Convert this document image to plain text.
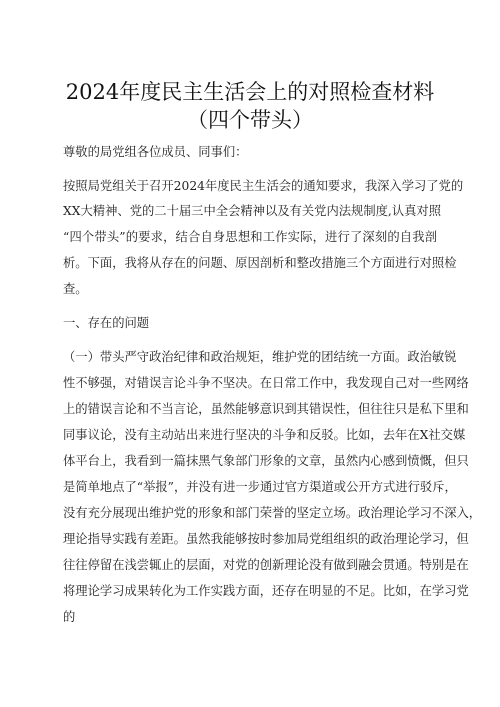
2024年度民主生活会上的对照检查材料
（四个带头）
尊敬的局党组各位成员、同事们：
按照局党组关于召开2024年度民主生活会的通知要求，我深入学习了党的
XX大精神、党的二十届三中全会精神以及有关党内法规制度,认真对照
“四个带头”的要求，结合自身思想和工作实际，进行了深刻的自我剖
析。下面，我将从存在的问题、原因剖析和整改措施三个方面进行对照检
查。
一、存在的问题
（一）带头严守政治纪律和政治规矩，维护党的团结统一方面。政治敏锐
性不够强，对错误言论斗争不坚决。在日常工作中，我发现自己对一些网络
上的错误言论和不当言论，虽然能够意识到其错误性，但往往只是私下里和
同事议论，没有主动站出来进行坚决的斗争和反驳。比如，去年在X社交媒
体平台上，我看到一篇抹黑气象部门形象的文章，虽然内心感到愤慨，但只
是简单地点了“举报”，并没有进一步通过官方渠道或公开方式进行驳斥，
没有充分展现出维护党的形象和部门荣誉的坚定立场。政治理论学习不深入，
理论指导实践有差距。虽然我能够按时参加局党组组织的政治理论学习，但
往往停留在浅尝辄止的层面，对党的创新理论没有做到融会贯通。特别是在
将理论学习成果转化为工作实践方面，还存在明显的不足。比如，在学习党
的
